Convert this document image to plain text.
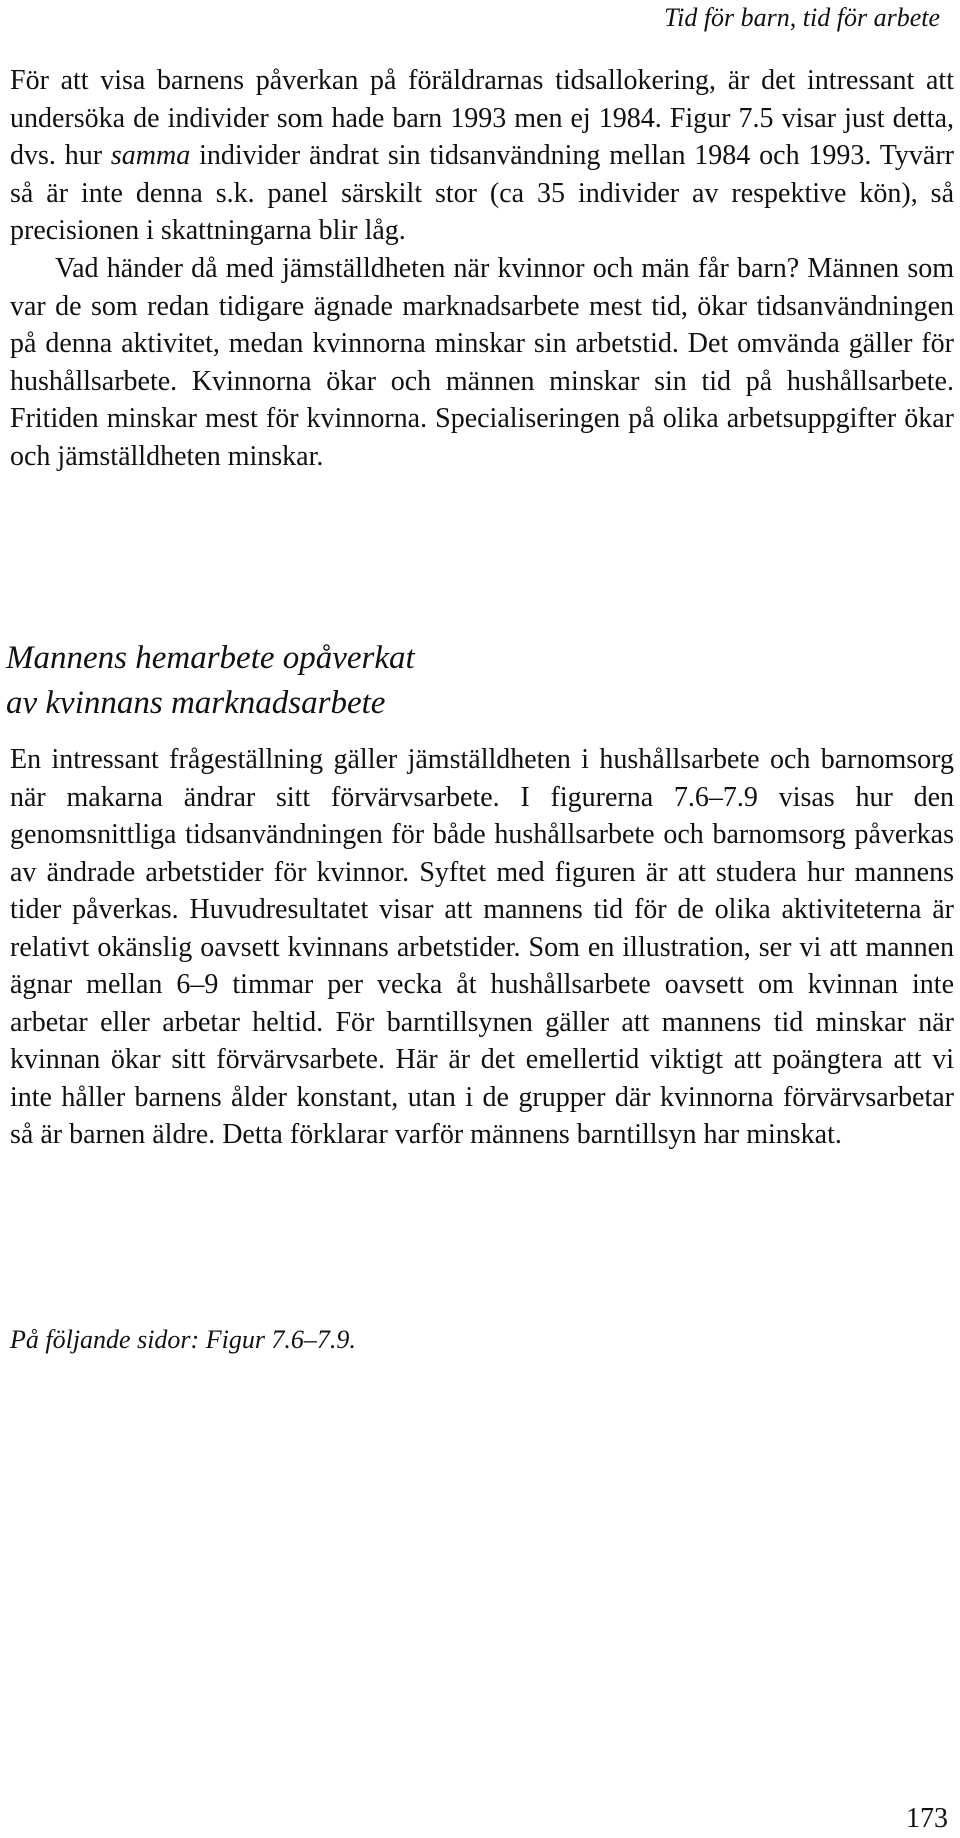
Tid för barn, tid för arbete

För att visa barnens påverkan på föräldrarnas tidsallokering, är det intressant att undersöka de individer som hade barn 1993 men ej 1984. Figur 7.5 visar just detta, dvs. hur samma individer ändrat sin tidsanvändning mellan 1984 och 1993. Tyvärr så är inte denna s.k. panel särskilt stor (ca 35 individer av respektive kön), så precisionen i skattningarna blir låg.

Vad händer då med jämställdheten när kvinnor och män får barn? Männen som var de som redan tidigare ägnade marknadsarbete mest tid, ökar tidsanvändningen på denna aktivitet, medan kvinnorna minskar sin arbetstid. Det omvända gäller för hushållsarbete. Kvinnorna ökar och männen minskar sin tid på hushållsarbete. Fritiden minskar mest för kvinnorna. Specialiseringen på olika arbetsuppgifter ökar och jämställdheten minskar.

Mannens hemarbete opåverkat
av kvinnans marknadsarbete

En intressant frågeställning gäller jämställdheten i hushållsarbete och barnomsorg när makarna ändrar sitt förvärvsarbete. I figurerna 7.6–7.9 visas hur den genomsnittliga tidsanvändningen för både hushållsarbete och barnomsorg påverkas av ändrade arbetstider för kvinnor. Syftet med figuren är att studera hur mannens tider påverkas. Huvudresultatet visar att mannens tid för de olika aktiviteterna är relativt okänslig oavsett kvinnans arbetstider. Som en illustration, ser vi att mannen ägnar mellan 6–9 timmar per vecka åt hushållsarbete oavsett om kvinnan inte arbetar eller arbetar heltid. För barntillsynen gäller att mannens tid minskar när kvinnan ökar sitt förvärvsarbete. Här är det emellertid viktigt att poängtera att vi inte håller barnens ålder konstant, utan i de grupper där kvinnorna förvärvsarbetar så är barnen äldre. Detta förklarar varför männens barntillsyn har minskat.

På följande sidor: Figur 7.6–7.9.
173
